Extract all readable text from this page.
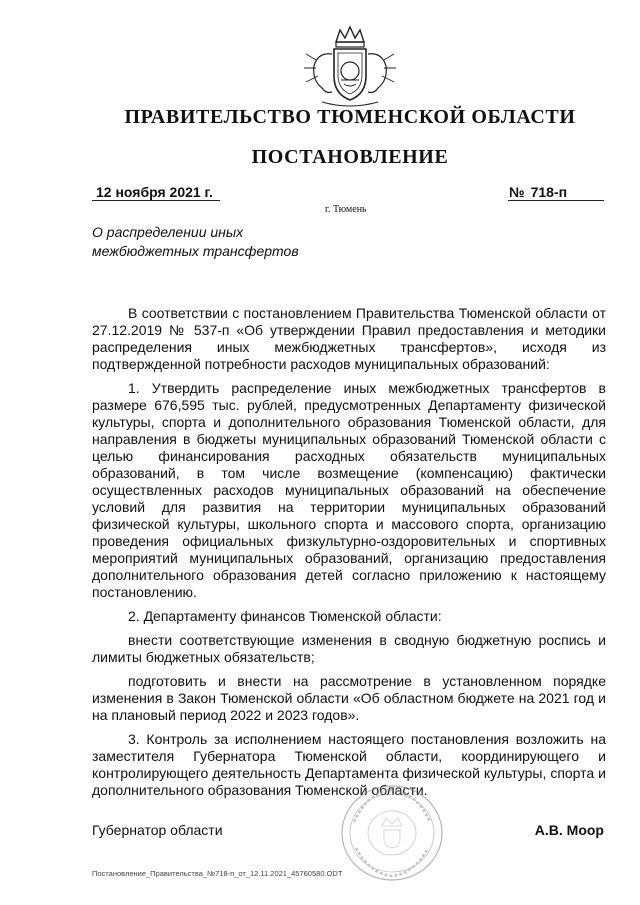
ПРАВИТЕЛЬСТВО ТЮМЕНСКОЙ ОБЛАСТИ
ПОСТАНОВЛЕНИЕ
12 ноября 2021 г.	№ 718-п
г. Тюмень
О распределении иных
межбюджетных трансфертов

В соответствии с постановлением Правительства Тюменской области от 27.12.2019 № 537-п «Об утверждении Правил предоставления и методики распределения иных межбюджетных трансфертов», исходя из подтвержденной потребности расходов муниципальных образований:

1. Утвердить распределение иных межбюджетных трансфертов в размере 676,595 тыс. рублей, предусмотренных Департаменту физической культуры, спорта и дополнительного образования Тюменской области, для направления в бюджеты муниципальных образований Тюменской области с целью финансирования расходных обязательств муниципальных образований, в том числе возмещение (компенсацию) фактически осуществленных расходов муниципальных образований на обеспечение условий для развития на территории муниципальных образований физической культуры, школьного спорта и массового спорта, организацию проведения официальных физкультурно-оздоровительных и спортивных мероприятий муниципальных образований, организацию предоставления дополнительного образования детей согласно приложению к настоящему постановлению.

2. Департаменту финансов Тюменской области:

внести соответствующие изменения в сводную бюджетную роспись и лимиты бюджетных обязательств;

подготовить и внести на рассмотрение в установленном порядке изменения в Закон Тюменской области «Об областном бюджете на 2021 год и на плановый период 2022 и 2023 годов».

3. Контроль за исполнением настоящего постановления возложить на заместителя Губернатора Тюменской области, координирующего и контролирующего деятельность Департамента физической культуры, спорта и дополнительного образования Тюменской области.

Губернатор области	А.В. Моор
Постановление_Правительства_№718-п_от_12.11.2021_45760580.ODT
